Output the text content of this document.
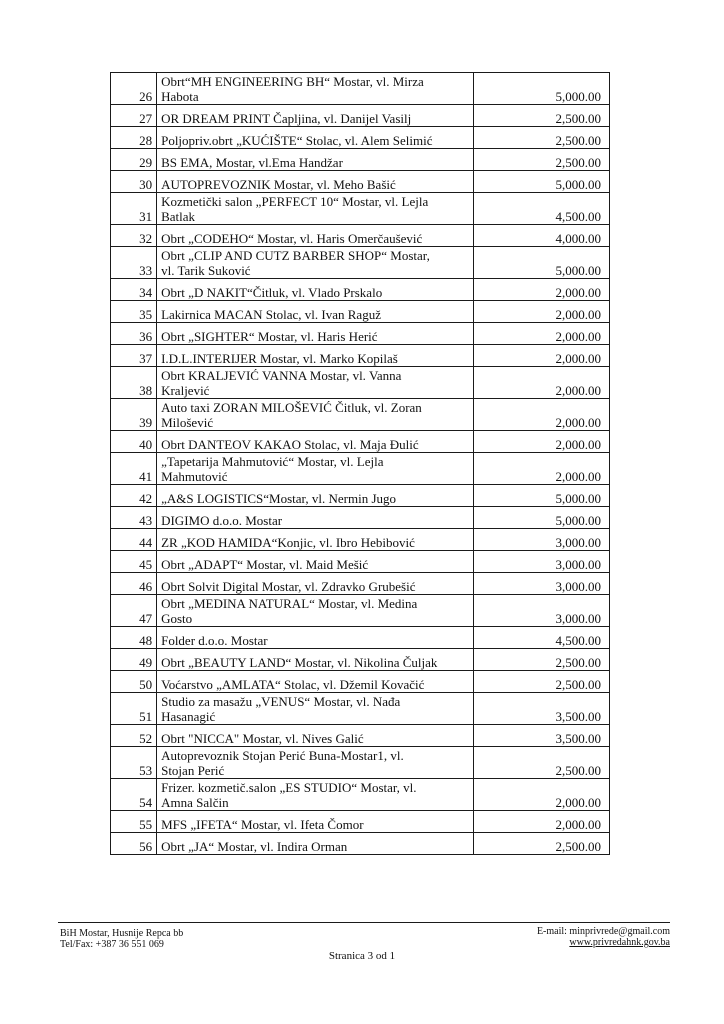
26	Obrt“MH ENGINEERING BH“ Mostar, vl. Mirza
Habota	5,000.00
27	OR DREAM PRINT Čapljina, vl. Danijel Vasilj	2,500.00
28	Poljopriv.obrt „KUĆIŠTE“ Stolac, vl. Alem Selimić	2,500.00
29	BS EMA, Mostar, vl.Ema Handžar	2,500.00
30	AUTOPREVOZNIK Mostar, vl. Meho Bašić	5,000.00
31	Kozmetički salon „PERFECT 10“ Mostar, vl. Lejla
Batlak	4,500.00
32	Obrt „CODEHO“ Mostar, vl. Haris Omerčaušević	4,000.00
33	Obrt „CLIP AND CUTZ BARBER SHOP“ Mostar,
vl. Tarik Suković	5,000.00
34	Obrt „D NAKIT“Čitluk, vl. Vlado Prskalo	2,000.00
35	Lakirnica MACAN Stolac, vl. Ivan Raguž	2,000.00
36	Obrt „SIGHTER“ Mostar, vl. Haris Herić	2,000.00
37	I.D.L.INTERIJER Mostar, vl. Marko Kopilaš	2,000.00
38	Obrt KRALJEVIĆ VANNA Mostar, vl. Vanna
Kraljević	2,000.00
39	Auto taxi ZORAN MILOŠEVIĆ Čitluk, vl. Zoran
Milošević	2,000.00
40	Obrt DANTEOV KAKAO Stolac, vl. Maja Đulić	2,000.00
41	„Tapetarija Mahmutović“ Mostar, vl. Lejla
Mahmutović	2,000.00
42	„A&S LOGISTICS“Mostar, vl. Nermin Jugo	5,000.00
43	DIGIMO d.o.o. Mostar	5,000.00
44	ZR „KOD HAMIDA“Konjic, vl. Ibro Hebibović	3,000.00
45	Obrt „ADAPT“ Mostar, vl. Maid Mešić	3,000.00
46	Obrt Solvit Digital Mostar, vl. Zdravko Grubešić	3,000.00
47	Obrt „MEDINA NATURAL“ Mostar, vl. Medina
Gosto	3,000.00
48	Folder d.o.o. Mostar	4,500.00
49	Obrt „BEAUTY LAND“ Mostar, vl. Nikolina Čuljak	2,500.00
50	Voćarstvo „AMLATA“ Stolac, vl. Džemil Kovačić	2,500.00
51	Studio za masažu „VENUS“ Mostar, vl. Nađa
Hasanagić	3,500.00
52	Obrt "NICCA" Mostar, vl. Nives Galić	3,500.00
53	Autoprevoznik Stojan Perić Buna-Mostar1, vl.
Stojan Perić	2,500.00
54	Frizer. kozmetič.salon „ES STUDIO“ Mostar, vl.
Amna Salčin	2,000.00
55	MFS „IFETA“ Mostar, vl. Ifeta Čomor	2,000.00
56	Obrt „JA“ Mostar, vl. Indira Orman	2,500.00
BiH Mostar, Husnije Repca bb
Tel/Fax: +387 36 551 069
E-mail: minprivrede@gmail.com
www.privredahnk.gov.ba
Stranica 3 od 1
